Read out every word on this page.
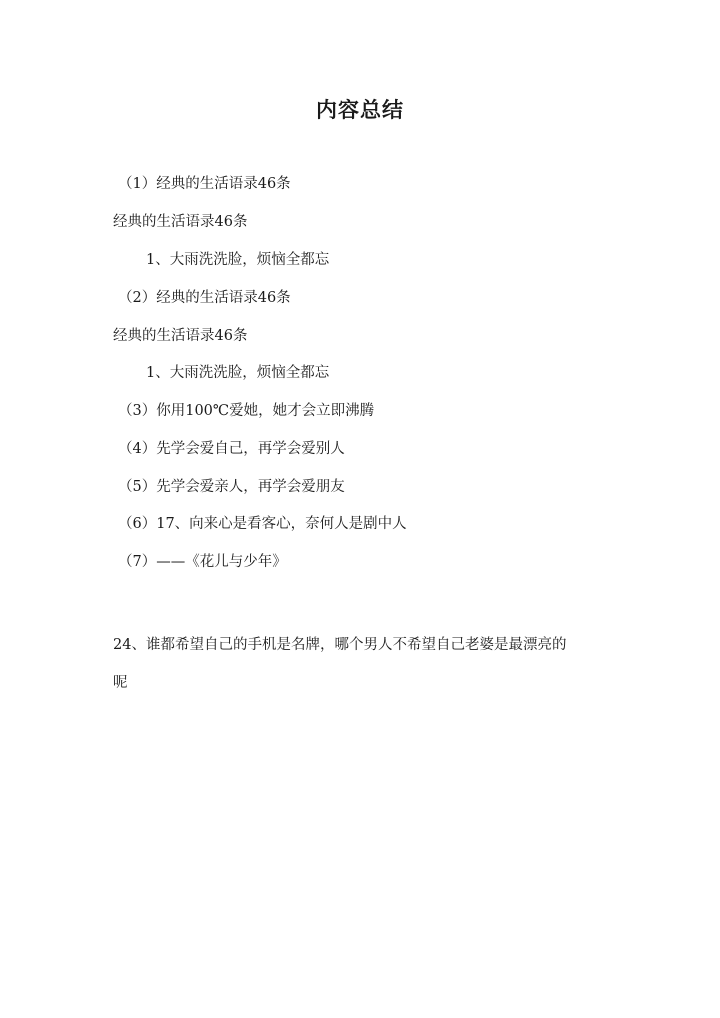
内容总结
（1）经典的生活语录46条
经典的生活语录46条
1、大雨洗洗脸，烦恼全都忘
（2）经典的生活语录46条
经典的生活语录46条
1、大雨洗洗脸，烦恼全都忘
（3）你用100℃爱她，她才会立即沸腾
（4）先学会爱自己，再学会爱别人
（5）先学会爱亲人，再学会爱朋友
（6）17、向来心是看客心，奈何人是剧中人
（7）——《花儿与少年》
24、谁都希望自己的手机是名牌，哪个男人不希望自己老婆是最漂亮的
呢
